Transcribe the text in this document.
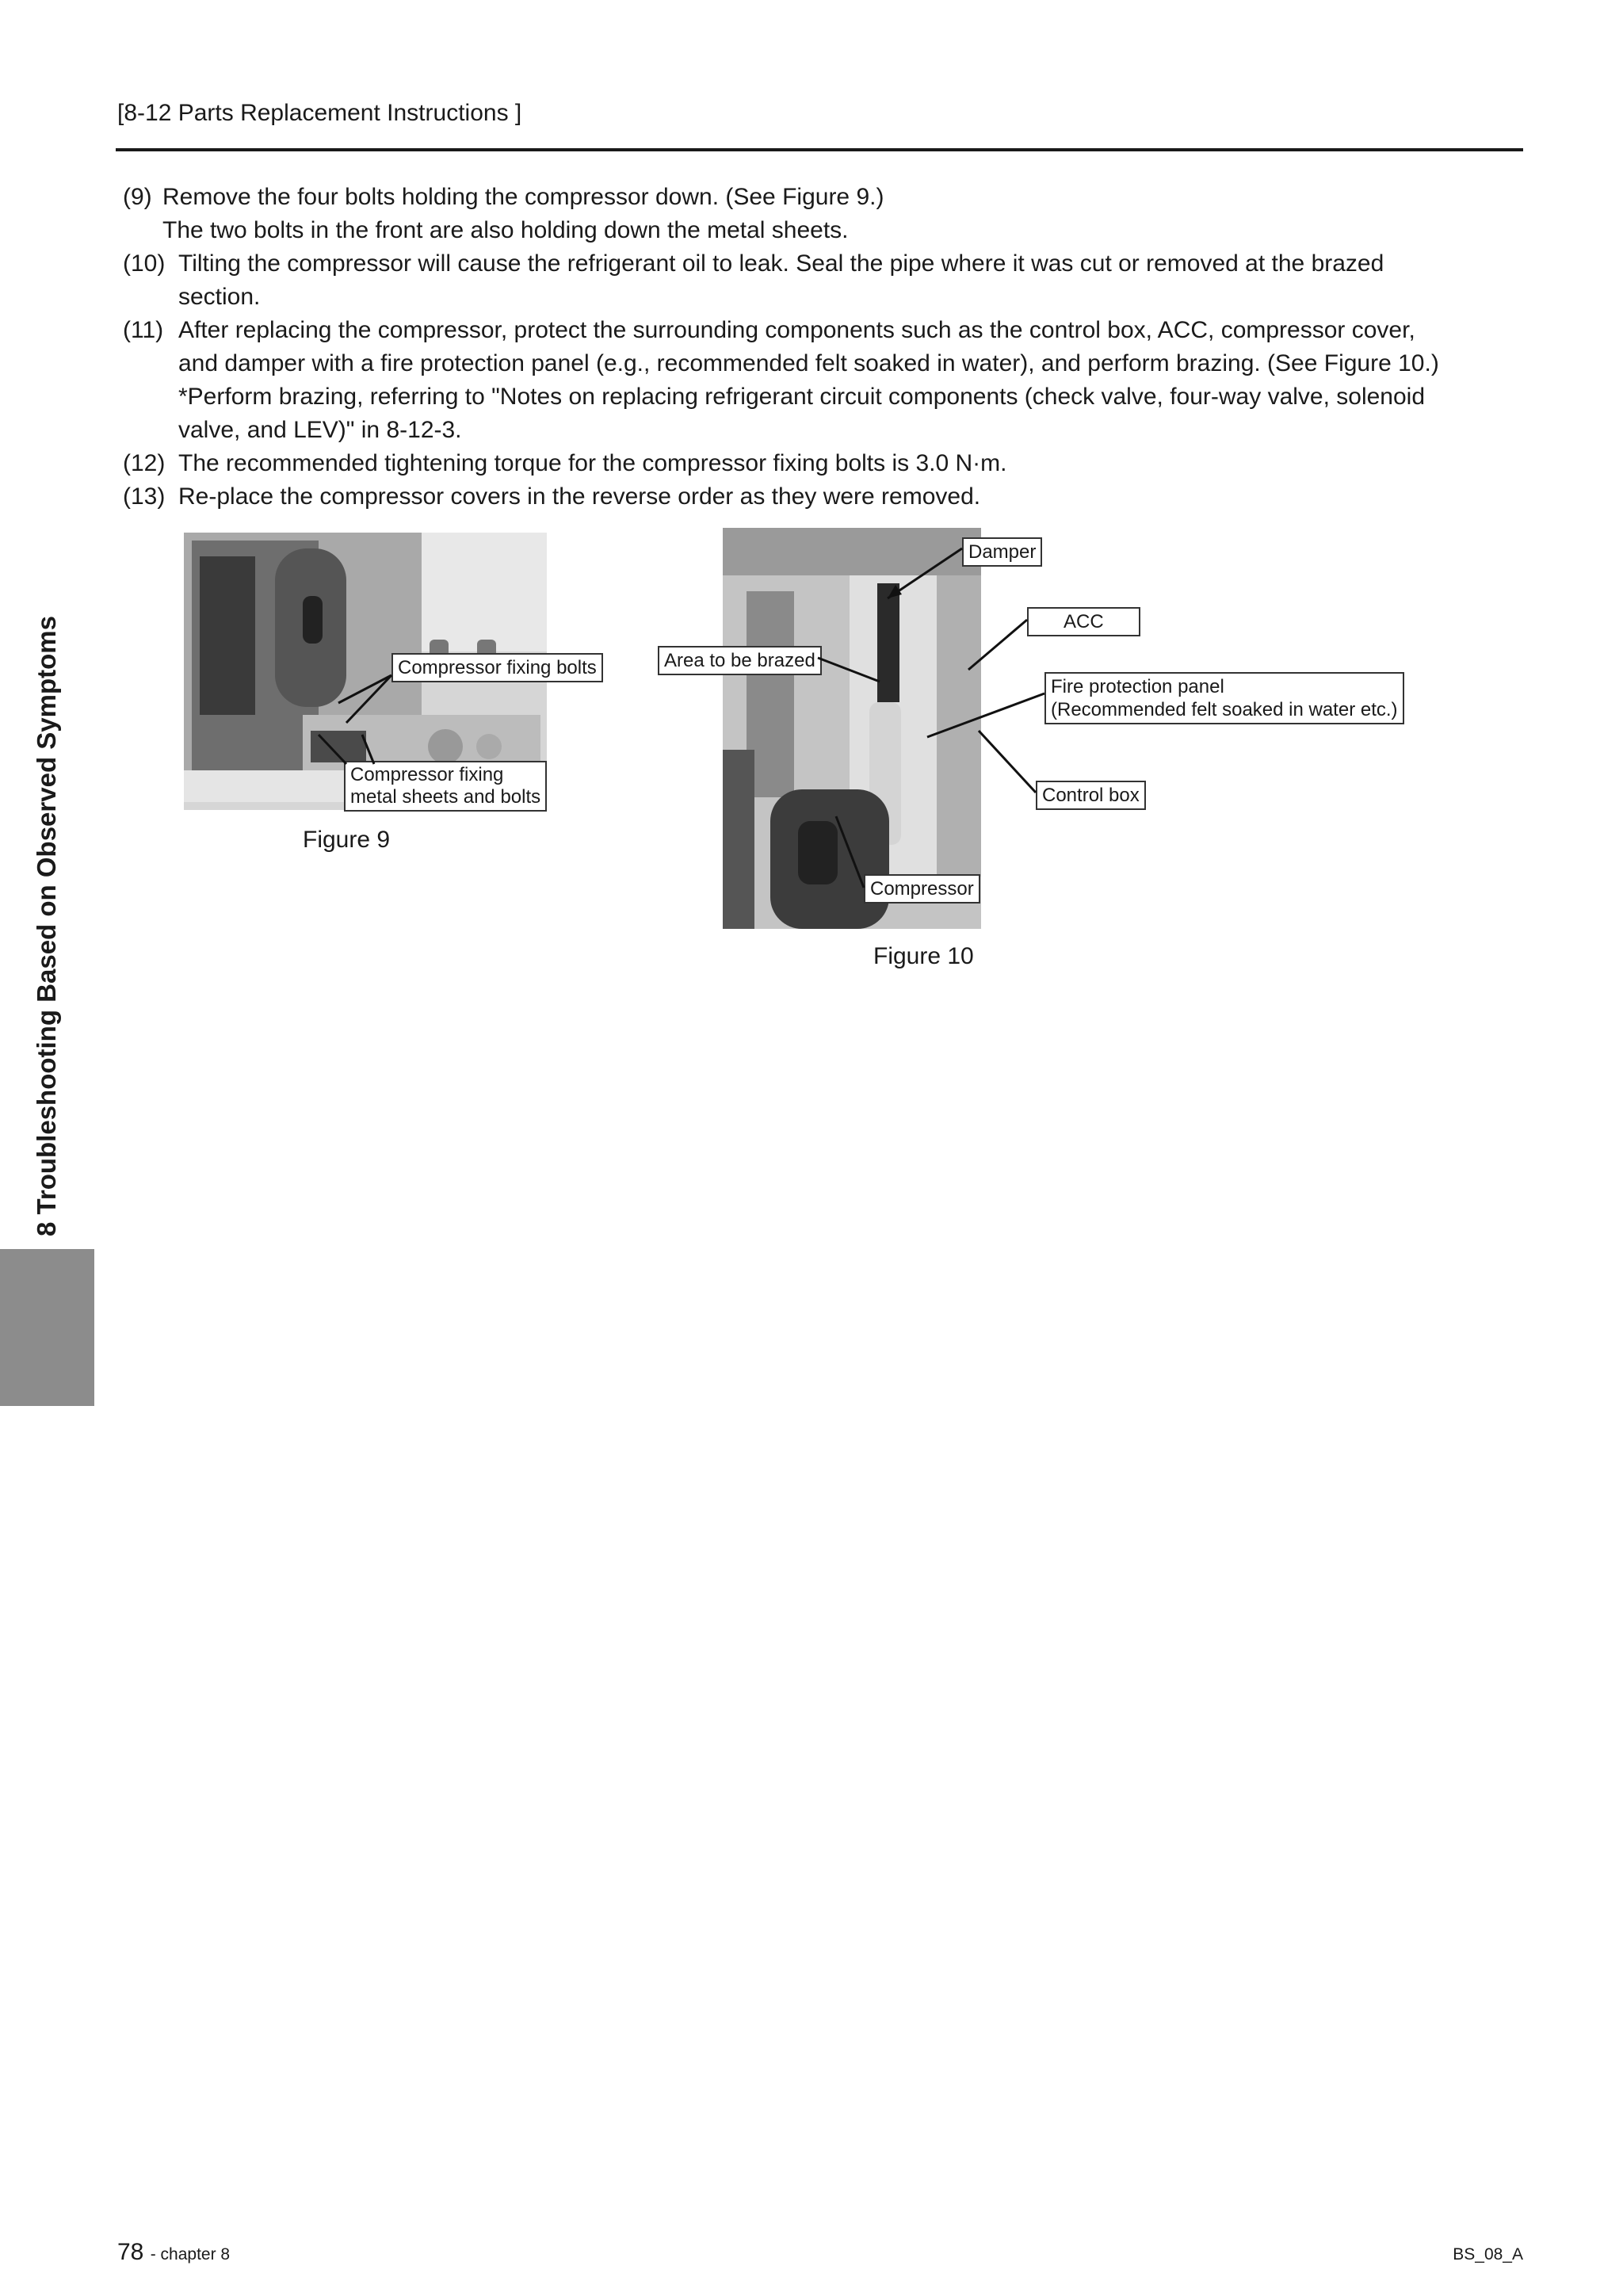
[8-12 Parts Replacement Instructions ]
8 Troubleshooting Based on Observed Symptoms
(9) Remove the four bolts holding the compressor down. (See Figure 9.)
The two bolts in the front are also holding down the metal sheets.
(10) Tilting the compressor will cause the refrigerant oil to leak. Seal the pipe where it was cut or removed at the brazed
section.
(11) After replacing the compressor, protect the surrounding components such as the control box, ACC, compressor cover,
and damper with a fire protection panel (e.g., recommended felt soaked in water), and perform brazing. (See Figure 10.)
*Perform brazing, referring to "Notes on replacing refrigerant circuit components (check valve, four-way valve, solenoid
valve, and LEV)" in 8-12-3.
(12) The recommended tightening torque for the compressor fixing bolts is 3.0 N·m.
(13) Re-place the compressor covers in the reverse order as they were removed.
Compressor fixing bolts
Compressor fixing
metal sheets and bolts
Figure 9
Damper
ACC
Area to be brazed
Fire protection panel
(Recommended felt soaked in water etc.)
Control box
Compressor
Figure 10
78 - chapter 8	BS_08_A
